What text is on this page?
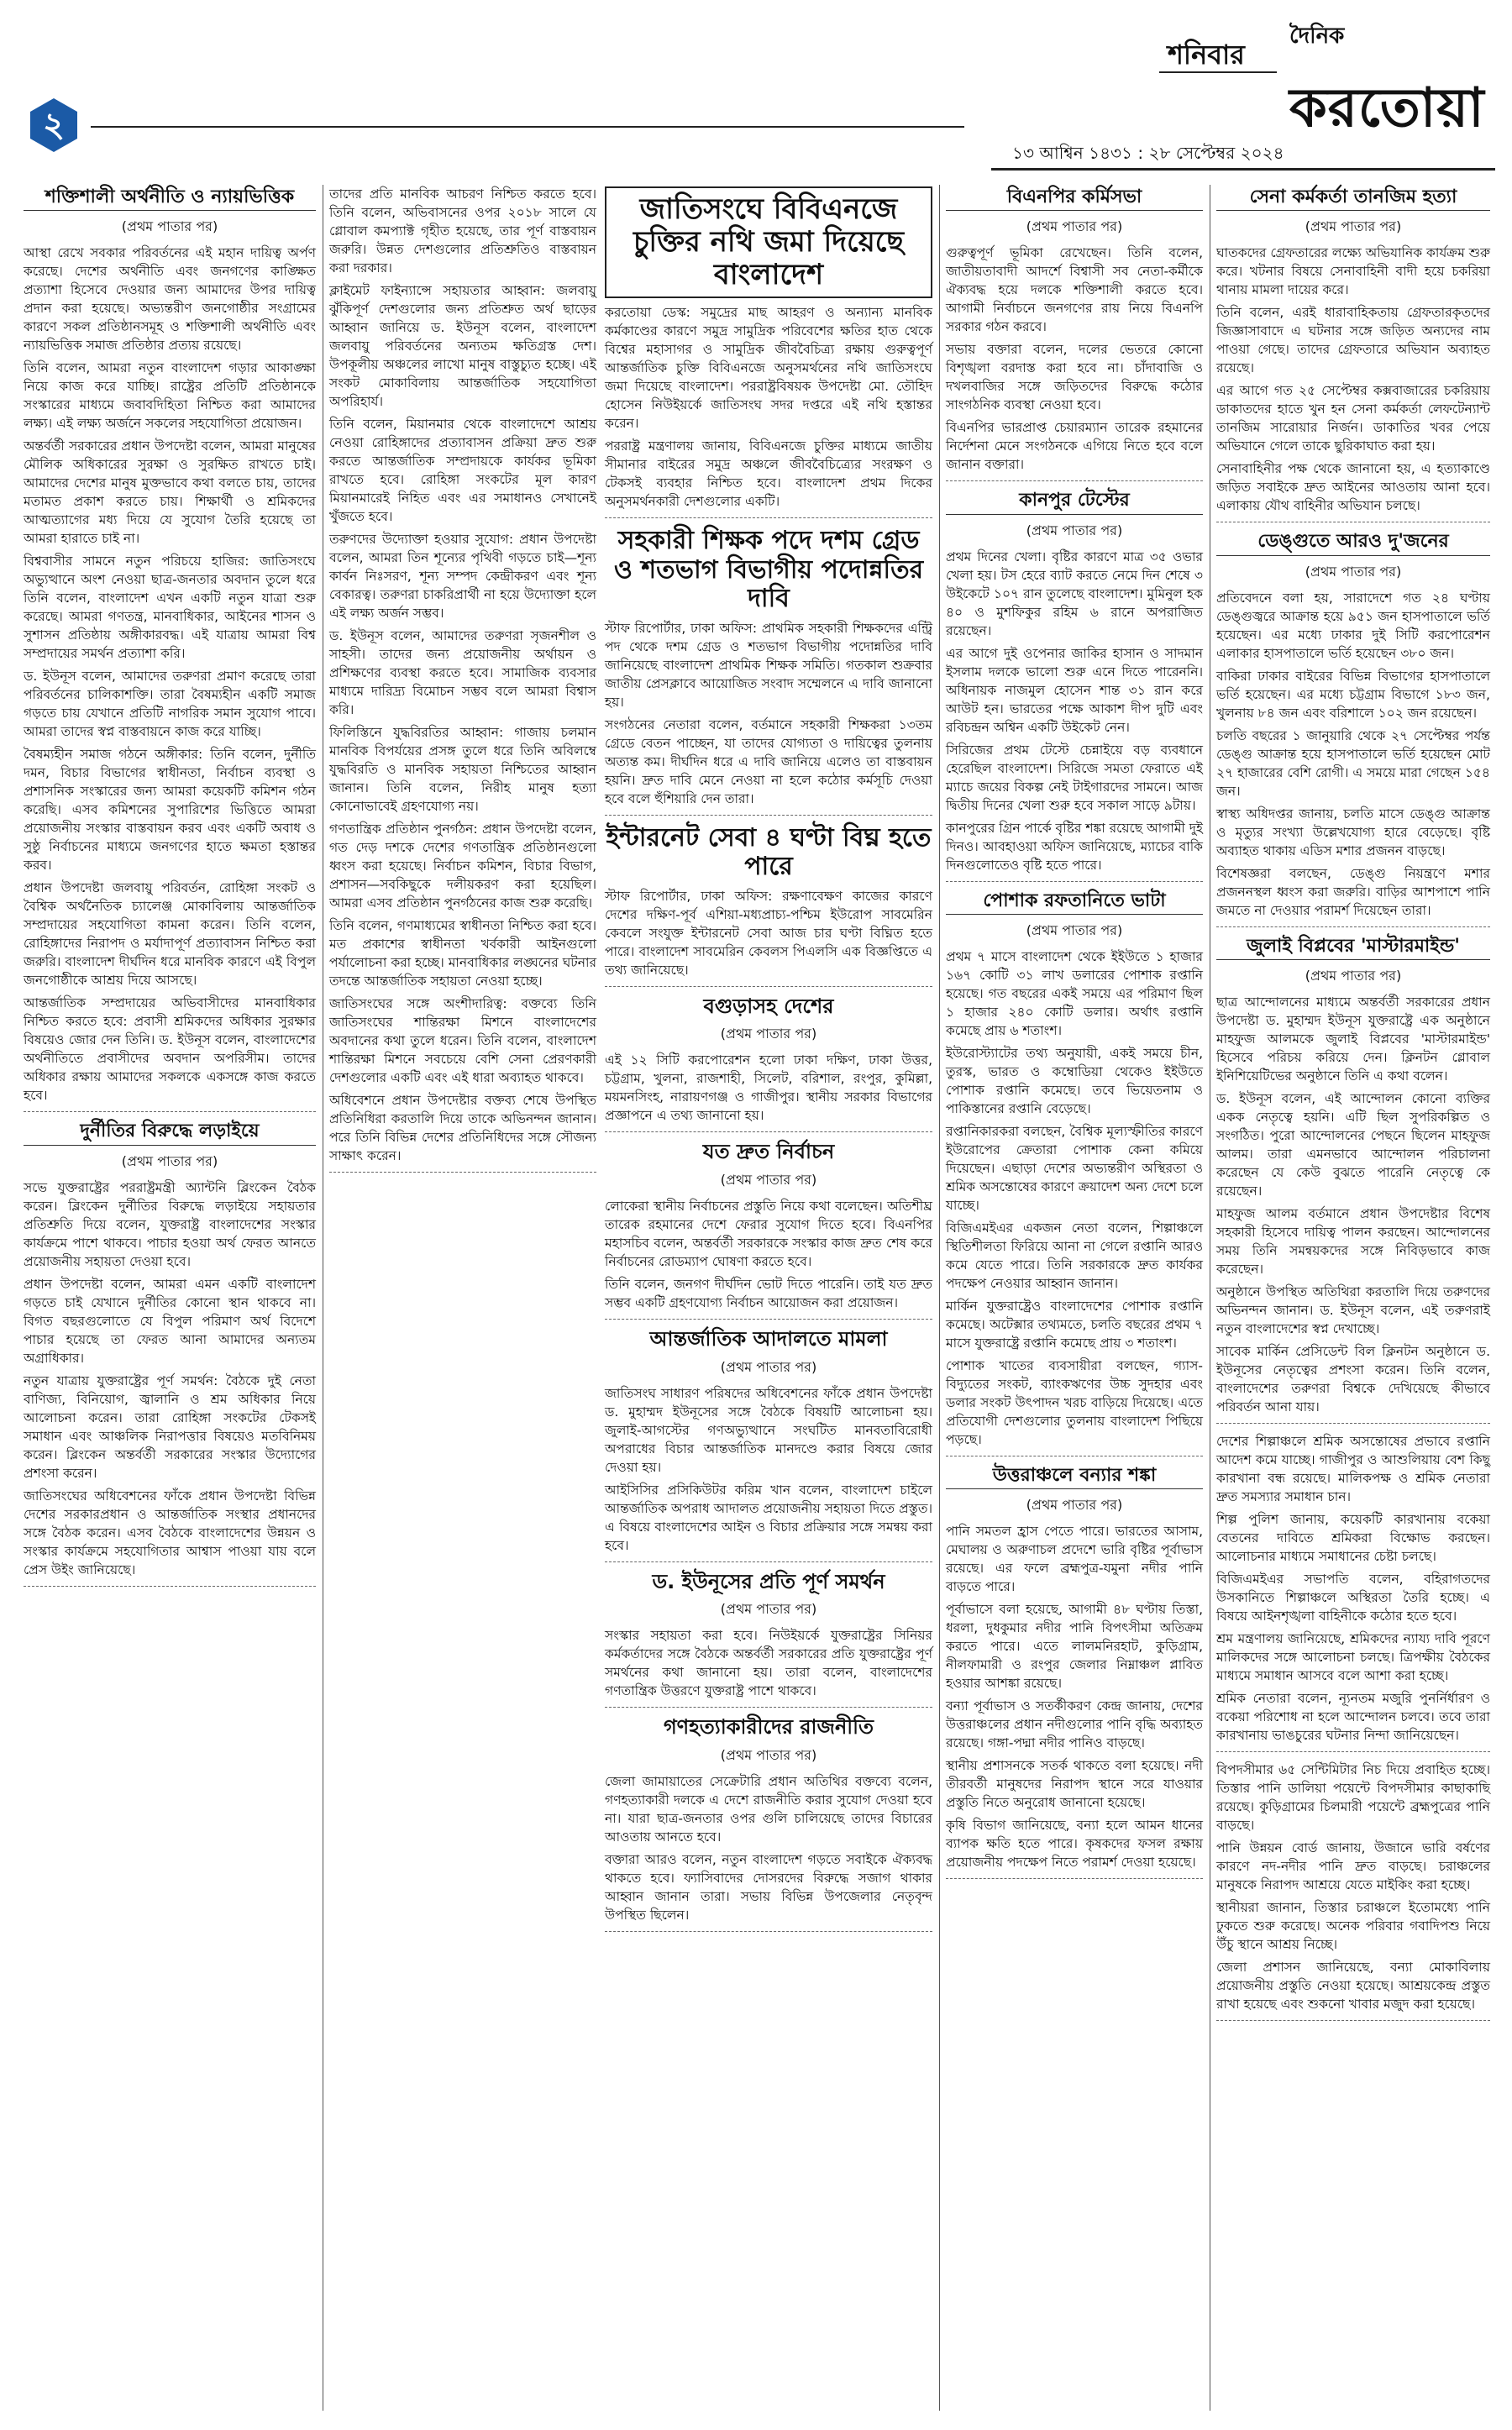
২
শনিবার
১৩ আশ্বিন ১৪৩১ : ২৮ সেপ্টেম্বর ২০২৪
দৈনিক
করতোয়া
শক্তিশালী অর্থনীতি ও ন্যায়ভিত্তিক
(প্রথম পাতার পর)

আস্থা রেখে সবকার পরিবর্তনের এই মহান দায়িত্ব অর্পণ করেছে। দেশের অর্থনীতি এবং জনগণের কাঙ্ক্ষিত প্রত্যাশা হিসেবে দেওয়ার জন্য আমাদের উপর দায়িত্ব প্রদান করা হয়েছে। অভ্যন্তরীণ জনগোষ্ঠীর সংগ্রামের কারণে সকল প্রতিষ্ঠানসমূহ ও শক্তিশালী অর্থনীতি এবং ন্যায়ভিত্তিক সমাজ প্রতিষ্ঠার প্রত্যয় রয়েছে।

তিনি বলেন, আমরা নতুন বাংলাদেশ গড়ার আকাঙ্ক্ষা নিয়ে কাজ করে যাচ্ছি। রাষ্ট্রের প্রতিটি প্রতিষ্ঠানকে সংস্কারের মাধ্যমে জবাবদিহিতা নিশ্চিত করা আমাদের লক্ষ্য। এই লক্ষ্য অর্জনে সকলের সহযোগিতা প্রয়োজন।

অন্তর্বর্তী সরকারের প্রধান উপদেষ্টা বলেন, আমরা মানুষের মৌলিক অধিকারের সুরক্ষা ও সুরক্ষিত রাখতে চাই। আমাদের দেশের মানুষ মুক্তভাবে কথা বলতে চায়, তাদের মতামত প্রকাশ করতে চায়। শিক্ষার্থী ও শ্রমিকদের আত্মত্যাগের মধ্য দিয়ে যে সুযোগ তৈরি হয়েছে তা আমরা হারাতে চাই না।

বিশ্ববাসীর সামনে নতুন পরিচয়ে হাজির: জাতিসংঘে অভ্যুত্থানে অংশ নেওয়া ছাত্র-জনতার অবদান তুলে ধরে তিনি বলেন, বাংলাদেশ এখন একটি নতুন যাত্রা শুরু করেছে। আমরা গণতন্ত্র, মানবাধিকার, আইনের শাসন ও সুশাসন প্রতিষ্ঠায় অঙ্গীকারবদ্ধ। এই যাত্রায় আমরা বিশ্ব সম্প্রদায়ের সমর্থন প্রত্যাশা করি।

ড. ইউনূস বলেন, আমাদের তরুণরা প্রমাণ করেছে তারা পরিবর্তনের চালিকাশক্তি। তারা বৈষম্যহীন একটি সমাজ গড়তে চায় যেখানে প্রতিটি নাগরিক সমান সুযোগ পাবে। আমরা তাদের স্বপ্ন বাস্তবায়নে কাজ করে যাচ্ছি।

বৈষম্যহীন সমাজ গঠনে অঙ্গীকার: তিনি বলেন, দুর্নীতি দমন, বিচার বিভাগের স্বাধীনতা, নির্বাচন ব্যবস্থা ও প্রশাসনিক সংস্কারের জন্য আমরা কয়েকটি কমিশন গঠন করেছি। এসব কমিশনের সুপারিশের ভিত্তিতে আমরা প্রয়োজনীয় সংস্কার বাস্তবায়ন করব এবং একটি অবাধ ও সুষ্ঠু নির্বাচনের মাধ্যমে জনগণের হাতে ক্ষমতা হস্তান্তর করব।

প্রধান উপদেষ্টা জলবায়ু পরিবর্তন, রোহিঙ্গা সংকট ও বৈশ্বিক অর্থনৈতিক চ্যালেঞ্জ মোকাবিলায় আন্তর্জাতিক সম্প্রদায়ের সহযোগিতা কামনা করেন। তিনি বলেন, রোহিঙ্গাদের নিরাপদ ও মর্যাদাপূর্ণ প্রত্যাবাসন নিশ্চিত করা জরুরি। বাংলাদেশ দীর্ঘদিন ধরে মানবিক কারণে এই বিপুল জনগোষ্ঠীকে আশ্রয় দিয়ে আসছে।

আন্তর্জাতিক সম্প্রদায়ের অভিবাসীদের মানবাধিকার নিশ্চিত করতে হবে: প্রবাসী শ্রমিকদের অধিকার সুরক্ষার বিষয়েও জোর দেন তিনি। ড. ইউনূস বলেন, বাংলাদেশের অর্থনীতিতে প্রবাসীদের অবদান অপরিসীম। তাদের অধিকার রক্ষায় আমাদের সকলকে একসঙ্গে কাজ করতে হবে।

দুর্নীতির বিরুদ্ধে লড়াইয়ে
(প্রথম পাতার পর)

সভে যুক্তরাষ্ট্রের পররাষ্ট্রমন্ত্রী অ্যান্টনি ব্লিংকেন বৈঠক করেন। ব্লিংকেন দুর্নীতির বিরুদ্ধে লড়াইয়ে সহায়তার প্রতিশ্রুতি দিয়ে বলেন, যুক্তরাষ্ট্র বাংলাদেশের সংস্কার কার্যক্রমে পাশে থাকবে। পাচার হওয়া অর্থ ফেরত আনতে প্রয়োজনীয় সহায়তা দেওয়া হবে।

প্রধান উপদেষ্টা বলেন, আমরা এমন একটি বাংলাদেশ গড়তে চাই যেখানে দুর্নীতির কোনো স্থান থাকবে না। বিগত বছরগুলোতে যে বিপুল পরিমাণ অর্থ বিদেশে পাচার হয়েছে তা ফেরত আনা আমাদের অন্যতম অগ্রাধিকার।

নতুন যাত্রায় যুক্তরাষ্ট্রের পূর্ণ সমর্থন: বৈঠকে দুই নেতা বাণিজ্য, বিনিয়োগ, জ্বালানি ও শ্রম অধিকার নিয়ে আলোচনা করেন। তারা রোহিঙ্গা সংকটের টেকসই সমাধান এবং আঞ্চলিক নিরাপত্তার বিষয়েও মতবিনিময় করেন। ব্লিংকেন অন্তর্বর্তী সরকারের সংস্কার উদ্যোগের প্রশংসা করেন।

জাতিসংঘের অধিবেশনের ফাঁকে প্রধান উপদেষ্টা বিভিন্ন দেশের সরকারপ্রধান ও আন্তর্জাতিক সংস্থার প্রধানদের সঙ্গে বৈঠক করেন। এসব বৈঠকে বাংলাদেশের উন্নয়ন ও সংস্কার কার্যক্রমে সহযোগিতার আশ্বাস পাওয়া যায় বলে প্রেস উইং জানিয়েছে।

তাদের প্রতি মানবিক আচরণ নিশ্চিত করতে হবে। তিনি বলেন, অভিবাসনের ওপর ২০১৮ সালে যে গ্লোবাল কমপ্যাক্ট গৃহীত হয়েছে, তার পূর্ণ বাস্তবায়ন জরুরি। উন্নত দেশগুলোর প্রতিশ্রুতিও বাস্তবায়ন করা দরকার।

ক্লাইমেট ফাইন্যান্সে সহায়তার আহ্বান: জলবায়ু ঝুঁকিপূর্ণ দেশগুলোর জন্য প্রতিশ্রুত অর্থ ছাড়ের আহ্বান জানিয়ে ড. ইউনূস বলেন, বাংলাদেশ জলবায়ু পরিবর্তনের অন্যতম ক্ষতিগ্রস্ত দেশ। উপকূলীয় অঞ্চলের লাখো মানুষ বাস্তুচ্যুত হচ্ছে। এই সংকট মোকাবিলায় আন্তর্জাতিক সহযোগিতা অপরিহার্য।

তিনি বলেন, মিয়ানমার থেকে বাংলাদেশে আশ্রয় নেওয়া রোহিঙ্গাদের প্রত্যাবাসন প্রক্রিয়া দ্রুত শুরু করতে আন্তর্জাতিক সম্প্রদায়কে কার্যকর ভূমিকা রাখতে হবে। রোহিঙ্গা সংকটের মূল কারণ মিয়ানমারেই নিহিত এবং এর সমাধানও সেখানেই খুঁজতে হবে।

তরুণদের উদ্যোক্তা হওয়ার সুযোগ: প্রধান উপদেষ্টা বলেন, আমরা তিন শূন্যের পৃথিবী গড়তে চাই—শূন্য কার্বন নিঃসরণ, শূন্য সম্পদ কেন্দ্রীকরণ এবং শূন্য বেকারত্ব। তরুণরা চাকরিপ্রার্থী না হয়ে উদ্যোক্তা হলে এই লক্ষ্য অর্জন সম্ভব।

ড. ইউনূস বলেন, আমাদের তরুণরা সৃজনশীল ও সাহসী। তাদের জন্য প্রয়োজনীয় অর্থায়ন ও প্রশিক্ষণের ব্যবস্থা করতে হবে। সামাজিক ব্যবসার মাধ্যমে দারিদ্র্য বিমোচন সম্ভব বলে আমরা বিশ্বাস করি।

ফিলিস্তিনে যুদ্ধবিরতির আহ্বান: গাজায় চলমান মানবিক বিপর্যয়ের প্রসঙ্গ তুলে ধরে তিনি অবিলম্বে যুদ্ধবিরতি ও মানবিক সহায়তা নিশ্চিতের আহ্বান জানান। তিনি বলেন, নিরীহ মানুষ হত্যা কোনোভাবেই গ্রহণযোগ্য নয়।

গণতান্ত্রিক প্রতিষ্ঠান পুনর্গঠন: প্রধান উপদেষ্টা বলেন, গত দেড় দশকে দেশের গণতান্ত্রিক প্রতিষ্ঠানগুলো ধ্বংস করা হয়েছে। নির্বাচন কমিশন, বিচার বিভাগ, প্রশাসন—সবকিছুকে দলীয়করণ করা হয়েছিল। আমরা এসব প্রতিষ্ঠান পুনর্গঠনের কাজ শুরু করেছি।

তিনি বলেন, গণমাধ্যমের স্বাধীনতা নিশ্চিত করা হবে। মত প্রকাশের স্বাধীনতা খর্বকারী আইনগুলো পর্যালোচনা করা হচ্ছে। মানবাধিকার লঙ্ঘনের ঘটনার তদন্তে আন্তর্জাতিক সহায়তা নেওয়া হচ্ছে।

জাতিসংঘের সঙ্গে অংশীদারিত্ব: বক্তব্যে তিনি জাতিসংঘের শান্তিরক্ষা মিশনে বাংলাদেশের অবদানের কথা তুলে ধরেন। তিনি বলেন, বাংলাদেশ শান্তিরক্ষা মিশনে সবচেয়ে বেশি সেনা প্রেরণকারী দেশগুলোর একটি এবং এই ধারা অব্যাহত থাকবে।

অধিবেশনে প্রধান উপদেষ্টার বক্তব্য শেষে উপস্থিত প্রতিনিধিরা করতালি দিয়ে তাকে অভিনন্দন জানান। পরে তিনি বিভিন্ন দেশের প্রতিনিধিদের সঙ্গে সৌজন্য সাক্ষাৎ করেন।

জাতিসংঘে বিবিএনজে চুক্তির নথি জমা দিয়েছে বাংলাদেশ

করতোয়া ডেস্ক: সমুদ্রের মাছ আহরণ ও অন্যান্য মানবিক কর্মকাণ্ডের কারণে সমুদ্র সামুদ্রিক পরিবেশের ক্ষতির হাত থেকে বিশ্বের মহাসাগর ও সামুদ্রিক জীববৈচিত্র্য রক্ষায় গুরুত্বপূর্ণ আন্তর্জাতিক চুক্তি বিবিএনজে অনুসমর্থনের নথি জাতিসংঘে জমা দিয়েছে বাংলাদেশ। পররাষ্ট্রবিষয়ক উপদেষ্টা মো. তৌহিদ হোসেন নিউইয়র্কে জাতিসংঘ সদর দপ্তরে এই নথি হস্তান্তর করেন।

পররাষ্ট্র মন্ত্রণালয় জানায়, বিবিএনজে চুক্তির মাধ্যমে জাতীয় সীমানার বাইরের সমুদ্র অঞ্চলে জীববৈচিত্র্যের সংরক্ষণ ও টেকসই ব্যবহার নিশ্চিত হবে। বাংলাদেশ প্রথম দিকের অনুসমর্থনকারী দেশগুলোর একটি।

সহকারী শিক্ষক পদে দশম গ্রেড ও শতভাগ বিভাগীয় পদোন্নতির দাবি

স্টাফ রিপোর্টার, ঢাকা অফিস: প্রাথমিক সহকারী শিক্ষকদের এন্ট্রি পদ থেকে দশম গ্রেড ও শতভাগ বিভাগীয় পদোন্নতির দাবি জানিয়েছে বাংলাদেশ প্রাথমিক শিক্ষক সমিতি। গতকাল শুক্রবার জাতীয় প্রেসক্লাবে আয়োজিত সংবাদ সম্মেলনে এ দাবি জানানো হয়।

সংগঠনের নেতারা বলেন, বর্তমানে সহকারী শিক্ষকরা ১৩তম গ্রেডে বেতন পাচ্ছেন, যা তাদের যোগ্যতা ও দায়িত্বের তুলনায় অত্যন্ত কম। দীর্ঘদিন ধরে এ দাবি জানিয়ে এলেও তা বাস্তবায়ন হয়নি। দ্রুত দাবি মেনে নেওয়া না হলে কঠোর কর্মসূচি দেওয়া হবে বলে হুঁশিয়ারি দেন তারা।

ইন্টারনেট সেবা ৪ ঘণ্টা বিঘ্ন হতে পারে

স্টাফ রিপোর্টার, ঢাকা অফিস: রক্ষণাবেক্ষণ কাজের কারণে দেশের দক্ষিণ-পূর্ব এশিয়া-মধ্যপ্রাচ্য-পশ্চিম ইউরোপ সাবমেরিন কেবলে সংযুক্ত ইন্টারনেট সেবা আজ চার ঘণ্টা বিঘ্নিত হতে পারে। বাংলাদেশ সাবমেরিন কেবলস পিএলসি এক বিজ্ঞপ্তিতে এ তথ্য জানিয়েছে।

বগুড়াসহ দেশের
(প্রথম পাতার পর)

এই ১২ সিটি করপোরেশন হলো ঢাকা দক্ষিণ, ঢাকা উত্তর, চট্টগ্রাম, খুলনা, রাজশাহী, সিলেট, বরিশাল, রংপুর, কুমিল্লা, ময়মনসিংহ, নারায়ণগঞ্জ ও গাজীপুর। স্থানীয় সরকার বিভাগের প্রজ্ঞাপনে এ তথ্য জানানো হয়।

যত দ্রুত নির্বাচন
(প্রথম পাতার পর)

লোকেরা স্থানীয় নির্বাচনের প্রস্তুতি নিয়ে কথা বলেছেন। অতিশীঘ্র তারেক রহমানের দেশে ফেরার সুযোগ দিতে হবে। বিএনপির মহাসচিব বলেন, অন্তর্বর্তী সরকারকে সংস্কার কাজ দ্রুত শেষ করে নির্বাচনের রোডম্যাপ ঘোষণা করতে হবে।

তিনি বলেন, জনগণ দীর্ঘদিন ভোট দিতে পারেনি। তাই যত দ্রুত সম্ভব একটি গ্রহণযোগ্য নির্বাচন আয়োজন করা প্রয়োজন।

আন্তর্জাতিক আদালতে মামলা
(প্রথম পাতার পর)

জাতিসংঘ সাধারণ পরিষদের অধিবেশনের ফাঁকে প্রধান উপদেষ্টা ড. মুহাম্মদ ইউনূসের সঙ্গে বৈঠকে বিষয়টি আলোচনা হয়। জুলাই-আগস্টের গণঅভ্যুত্থানে সংঘটিত মানবতাবিরোধী অপরাধের বিচার আন্তর্জাতিক মানদণ্ডে করার বিষয়ে জোর দেওয়া হয়।

আইসিসির প্রসিকিউটর করিম খান বলেন, বাংলাদেশ চাইলে আন্তর্জাতিক অপরাধ আদালত প্রয়োজনীয় সহায়তা দিতে প্রস্তুত। এ বিষয়ে বাংলাদেশের আইন ও বিচার প্রক্রিয়ার সঙ্গে সমন্বয় করা হবে।

ড. ইউনূসের প্রতি পূর্ণ সমর্থন
(প্রথম পাতার পর)

সংস্কার সহায়তা করা হবে। নিউইয়র্কে যুক্তরাষ্ট্রের সিনিয়র কর্মকর্তাদের সঙ্গে বৈঠকে অন্তর্বর্তী সরকারের প্রতি যুক্তরাষ্ট্রের পূর্ণ সমর্থনের কথা জানানো হয়। তারা বলেন, বাংলাদেশের গণতান্ত্রিক উত্তরণে যুক্তরাষ্ট্র পাশে থাকবে।

গণহত্যাকারীদের রাজনীতি
(প্রথম পাতার পর)

জেলা জামায়াতের সেক্রেটারি প্রধান অতিথির বক্তব্যে বলেন, গণহত্যাকারী দলকে এ দেশে রাজনীতি করার সুযোগ দেওয়া হবে না। যারা ছাত্র-জনতার ওপর গুলি চালিয়েছে তাদের বিচারের আওতায় আনতে হবে।

বক্তারা আরও বলেন, নতুন বাংলাদেশ গড়তে সবাইকে ঐক্যবদ্ধ থাকতে হবে। ফ্যাসিবাদের দোসরদের বিরুদ্ধে সজাগ থাকার আহ্বান জানান তারা। সভায় বিভিন্ন উপজেলার নেতৃবৃন্দ উপস্থিত ছিলেন।

বিএনপির কর্মিসভা
(প্রথম পাতার পর)

গুরুত্বপূর্ণ ভূমিকা রেখেছেন। তিনি বলেন, জাতীয়তাবাদী আদর্শে বিশ্বাসী সব নেতা-কর্মীকে ঐক্যবদ্ধ হয়ে দলকে শক্তিশালী করতে হবে। আগামী নির্বাচনে জনগণের রায় নিয়ে বিএনপি সরকার গঠন করবে।

সভায় বক্তারা বলেন, দলের ভেতরে কোনো বিশৃঙ্খলা বরদাস্ত করা হবে না। চাঁদাবাজি ও দখলবাজির সঙ্গে জড়িতদের বিরুদ্ধে কঠোর সাংগঠনিক ব্যবস্থা নেওয়া হবে।

বিএনপির ভারপ্রাপ্ত চেয়ারম্যান তারেক রহমানের নির্দেশনা মেনে সংগঠনকে এগিয়ে নিতে হবে বলে জানান বক্তারা।

কানপুর টেস্টের
(প্রথম পাতার পর)

প্রথম দিনের খেলা। বৃষ্টির কারণে মাত্র ৩৫ ওভার খেলা হয়। টস হেরে ব্যাট করতে নেমে দিন শেষে ৩ উইকেটে ১০৭ রান তুলেছে বাংলাদেশ। মুমিনুল হক ৪০ ও মুশফিকুর রহিম ৬ রানে অপরাজিত রয়েছেন।

এর আগে দুই ওপেনার জাকির হাসান ও সাদমান ইসলাম দলকে ভালো শুরু এনে দিতে পারেননি। অধিনায়ক নাজমুল হোসেন শান্ত ৩১ রান করে আউট হন। ভারতের পক্ষে আকাশ দীপ দুটি এবং রবিচন্দ্রন অশ্বিন একটি উইকেট নেন।

সিরিজের প্রথম টেস্টে চেন্নাইয়ে বড় ব্যবধানে হেরেছিল বাংলাদেশ। সিরিজে সমতা ফেরাতে এই ম্যাচে জয়ের বিকল্প নেই টাইগারদের সামনে। আজ দ্বিতীয় দিনের খেলা শুরু হবে সকাল সাড়ে ৯টায়।

কানপুরের গ্রিন পার্কে বৃষ্টির শঙ্কা রয়েছে আগামী দুই দিনও। আবহাওয়া অফিস জানিয়েছে, ম্যাচের বাকি দিনগুলোতেও বৃষ্টি হতে পারে।

পোশাক রফতানিতে ভাটা
(প্রথম পাতার পর)

প্রথম ৭ মাসে বাংলাদেশ থেকে ইইউতে ১ হাজার ১৬৭ কোটি ৩১ লাখ ডলারের পোশাক রপ্তানি হয়েছে। গত বছরের একই সময়ে এর পরিমাণ ছিল ১ হাজার ২৪০ কোটি ডলার। অর্থাৎ রপ্তানি কমেছে প্রায় ৬ শতাংশ।

ইউরোস্ট্যাটের তথ্য অনুযায়ী, একই সময়ে চীন, তুরস্ক, ভারত ও কম্বোডিয়া থেকেও ইইউতে পোশাক রপ্তানি কমেছে। তবে ভিয়েতনাম ও পাকিস্তানের রপ্তানি বেড়েছে।

রপ্তানিকারকরা বলছেন, বৈশ্বিক মূল্যস্ফীতির কারণে ইউরোপের ক্রেতারা পোশাক কেনা কমিয়ে দিয়েছেন। এছাড়া দেশের অভ্যন্তরীণ অস্থিরতা ও শ্রমিক অসন্তোষের কারণে ক্রয়াদেশ অন্য দেশে চলে যাচ্ছে।

বিজিএমইএর একজন নেতা বলেন, শিল্পাঞ্চলে স্থিতিশীলতা ফিরিয়ে আনা না গেলে রপ্তানি আরও কমে যেতে পারে। তিনি সরকারকে দ্রুত কার্যকর পদক্ষেপ নেওয়ার আহ্বান জানান।

মার্কিন যুক্তরাষ্ট্রেও বাংলাদেশের পোশাক রপ্তানি কমেছে। অটেক্সার তথ্যমতে, চলতি বছরের প্রথম ৭ মাসে যুক্তরাষ্ট্রে রপ্তানি কমেছে প্রায় ৩ শতাংশ।

পোশাক খাতের ব্যবসায়ীরা বলছেন, গ্যাস-বিদ্যুতের সংকট, ব্যাংকঋণের উচ্চ সুদহার এবং ডলার সংকট উৎপাদন খরচ বাড়িয়ে দিয়েছে। এতে প্রতিযোগী দেশগুলোর তুলনায় বাংলাদেশ পিছিয়ে পড়ছে।

উত্তরাঞ্চলে বন্যার শঙ্কা
(প্রথম পাতার পর)

পানি সমতল হ্রাস পেতে পারে। ভারতের আসাম, মেঘালয় ও অরুণাচল প্রদেশে ভারি বৃষ্টির পূর্বাভাস রয়েছে। এর ফলে ব্রহ্মপুত্র-যমুনা নদীর পানি বাড়তে পারে।

পূর্বাভাসে বলা হয়েছে, আগামী ৪৮ ঘণ্টায় তিস্তা, ধরলা, দুধকুমার নদীর পানি বিপৎসীমা অতিক্রম করতে পারে। এতে লালমনিরহাট, কুড়িগ্রাম, নীলফামারী ও রংপুর জেলার নিম্নাঞ্চল প্লাবিত হওয়ার আশঙ্কা রয়েছে।

বন্যা পূর্বাভাস ও সতর্কীকরণ কেন্দ্র জানায়, দেশের উত্তরাঞ্চলের প্রধান নদীগুলোর পানি বৃদ্ধি অব্যাহত রয়েছে। গঙ্গা-পদ্মা নদীর পানিও বাড়ছে।

স্থানীয় প্রশাসনকে সতর্ক থাকতে বলা হয়েছে। নদী তীরবর্তী মানুষদের নিরাপদ স্থানে সরে যাওয়ার প্রস্তুতি নিতে অনুরোধ জানানো হয়েছে।

কৃষি বিভাগ জানিয়েছে, বন্যা হলে আমন ধানের ব্যাপক ক্ষতি হতে পারে। কৃষকদের ফসল রক্ষায় প্রয়োজনীয় পদক্ষেপ নিতে পরামর্শ দেওয়া হয়েছে।

সেনা কর্মকর্তা তানজিম হত্যা
(প্রথম পাতার পর)

ঘাতকদের গ্রেফতারের লক্ষ্যে অভিযানিক কার্যক্রম শুরু করে। খটনার বিষয়ে সেনাবাহিনী বাদী হয়ে চকরিয়া থানায় মামলা দায়ের করে।

তিনি বলেন, এরই ধারাবাহিকতায় গ্রেফতারকৃতদের জিজ্ঞাসাবাদে এ ঘটনার সঙ্গে জড়িত অন্যদের নাম পাওয়া গেছে। তাদের গ্রেফতারে অভিযান অব্যাহত রয়েছে।

এর আগে গত ২৫ সেপ্টেম্বর কক্সবাজারের চকরিয়ায় ডাকাতদের হাতে খুন হন সেনা কর্মকর্তা লেফটেন্যান্ট তানজিম সারোয়ার নির্জন। ডাকাতির খবর পেয়ে অভিযানে গেলে তাকে ছুরিকাঘাত করা হয়।

সেনাবাহিনীর পক্ষ থেকে জানানো হয়, এ হত্যাকাণ্ডে জড়িত সবাইকে দ্রুত আইনের আওতায় আনা হবে। এলাকায় যৌথ বাহিনীর অভিযান চলছে।

ডেঙ্গুতে আরও দু'জনের
(প্রথম পাতার পর)

প্রতিবেদনে বলা হয়, সারাদেশে গত ২৪ ঘণ্টায় ডেঙ্গুজ্বরে আক্রান্ত হয়ে ৯৫১ জন হাসপাতালে ভর্তি হয়েছেন। এর মধ্যে ঢাকার দুই সিটি করপোরেশন এলাকার হাসপাতালে ভর্তি হয়েছেন ৩৮০ জন।

বাকিরা ঢাকার বাইরের বিভিন্ন বিভাগের হাসপাতালে ভর্তি হয়েছেন। এর মধ্যে চট্টগ্রাম বিভাগে ১৮৩ জন, খুলনায় ৮৪ জন এবং বরিশালে ১০২ জন রয়েছেন।

চলতি বছরের ১ জানুয়ারি থেকে ২৭ সেপ্টেম্বর পর্যন্ত ডেঙ্গু আক্রান্ত হয়ে হাসপাতালে ভর্তি হয়েছেন মোট ২৭ হাজারের বেশি রোগী। এ সময়ে মারা গেছেন ১৫৪ জন।

স্বাস্থ্য অধিদপ্তর জানায়, চলতি মাসে ডেঙ্গু আক্রান্ত ও মৃত্যুর সংখ্যা উল্লেখযোগ্য হারে বেড়েছে। বৃষ্টি অব্যাহত থাকায় এডিস মশার প্রজনন বাড়ছে।

বিশেষজ্ঞরা বলছেন, ডেঙ্গু নিয়ন্ত্রণে মশার প্রজননস্থল ধ্বংস করা জরুরি। বাড়ির আশপাশে পানি জমতে না দেওয়ার পরামর্শ দিয়েছেন তারা।

জুলাই বিপ্লবের 'মাস্টারমাইন্ড'
(প্রথম পাতার পর)

ছাত্র আন্দোলনের মাধ্যমে অন্তর্বর্তী সরকারের প্রধান উপদেষ্টা ড. মুহাম্মদ ইউনূস যুক্তরাষ্ট্রে এক অনুষ্ঠানে মাহফুজ আলমকে জুলাই বিপ্লবের 'মাস্টারমাইন্ড' হিসেবে পরিচয় করিয়ে দেন। ক্লিনটন গ্লোবাল ইনিশিয়েটিভের অনুষ্ঠানে তিনি এ কথা বলেন।

ড. ইউনূস বলেন, এই আন্দোলন কোনো ব্যক্তির একক নেতৃত্বে হয়নি। এটি ছিল সুপরিকল্পিত ও সংগঠিত। পুরো আন্দোলনের পেছনে ছিলেন মাহফুজ আলম। তারা এমনভাবে আন্দোলন পরিচালনা করেছেন যে কেউ বুঝতে পারেনি নেতৃত্বে কে রয়েছেন।

মাহফুজ আলম বর্তমানে প্রধান উপদেষ্টার বিশেষ সহকারী হিসেবে দায়িত্ব পালন করছেন। আন্দোলনের সময় তিনি সমন্বয়কদের সঙ্গে নিবিড়ভাবে কাজ করেছেন।

অনুষ্ঠানে উপস্থিত অতিথিরা করতালি দিয়ে তরুণদের অভিনন্দন জানান। ড. ইউনূস বলেন, এই তরুণরাই নতুন বাংলাদেশের স্বপ্ন দেখাচ্ছে।

সাবেক মার্কিন প্রেসিডেন্ট বিল ক্লিনটন অনুষ্ঠানে ড. ইউনূসের নেতৃত্বের প্রশংসা করেন। তিনি বলেন, বাংলাদেশের তরুণরা বিশ্বকে দেখিয়েছে কীভাবে পরিবর্তন আনা যায়।

দেশের শিল্পাঞ্চলে শ্রমিক অসন্তোষের প্রভাবে রপ্তানি আদেশ কমে যাচ্ছে। গাজীপুর ও আশুলিয়ায় বেশ কিছু কারখানা বন্ধ রয়েছে। মালিকপক্ষ ও শ্রমিক নেতারা দ্রুত সমস্যার সমাধান চান।

শিল্প পুলিশ জানায়, কয়েকটি কারখানায় বকেয়া বেতনের দাবিতে শ্রমিকরা বিক্ষোভ করছেন। আলোচনার মাধ্যমে সমাধানের চেষ্টা চলছে।

বিজিএমইএর সভাপতি বলেন, বহিরাগতদের উসকানিতে শিল্পাঞ্চলে অস্থিরতা তৈরি হচ্ছে। এ বিষয়ে আইনশৃঙ্খলা বাহিনীকে কঠোর হতে হবে।

শ্রম মন্ত্রণালয় জানিয়েছে, শ্রমিকদের ন্যায্য দাবি পূরণে মালিকদের সঙ্গে আলোচনা চলছে। ত্রিপক্ষীয় বৈঠকের মাধ্যমে সমাধান আসবে বলে আশা করা হচ্ছে।

শ্রমিক নেতারা বলেন, ন্যূনতম মজুরি পুনর্নির্ধারণ ও বকেয়া পরিশোধ না হলে আন্দোলন চলবে। তবে তারা কারখানায় ভাঙচুরের ঘটনার নিন্দা জানিয়েছেন।

বিপদসীমার ৬৫ সেন্টিমিটার নিচ দিয়ে প্রবাহিত হচ্ছে। তিস্তার পানি ডালিয়া পয়েন্টে বিপদসীমার কাছাকাছি রয়েছে। কুড়িগ্রামের চিলমারী পয়েন্টে ব্রহ্মপুত্রের পানি বাড়ছে।

পানি উন্নয়ন বোর্ড জানায়, উজানে ভারি বর্ষণের কারণে নদ-নদীর পানি দ্রুত বাড়ছে। চরাঞ্চলের মানুষকে নিরাপদ আশ্রয়ে যেতে মাইকিং করা হচ্ছে।

স্থানীয়রা জানান, তিস্তার চরাঞ্চলে ইতোমধ্যে পানি ঢুকতে শুরু করেছে। অনেক পরিবার গবাদিপশু নিয়ে উঁচু স্থানে আশ্রয় নিচ্ছে।

জেলা প্রশাসন জানিয়েছে, বন্যা মোকাবিলায় প্রয়োজনীয় প্রস্তুতি নেওয়া হয়েছে। আশ্রয়কেন্দ্র প্রস্তুত রাখা হয়েছে এবং শুকনো খাবার মজুদ করা হয়েছে।
